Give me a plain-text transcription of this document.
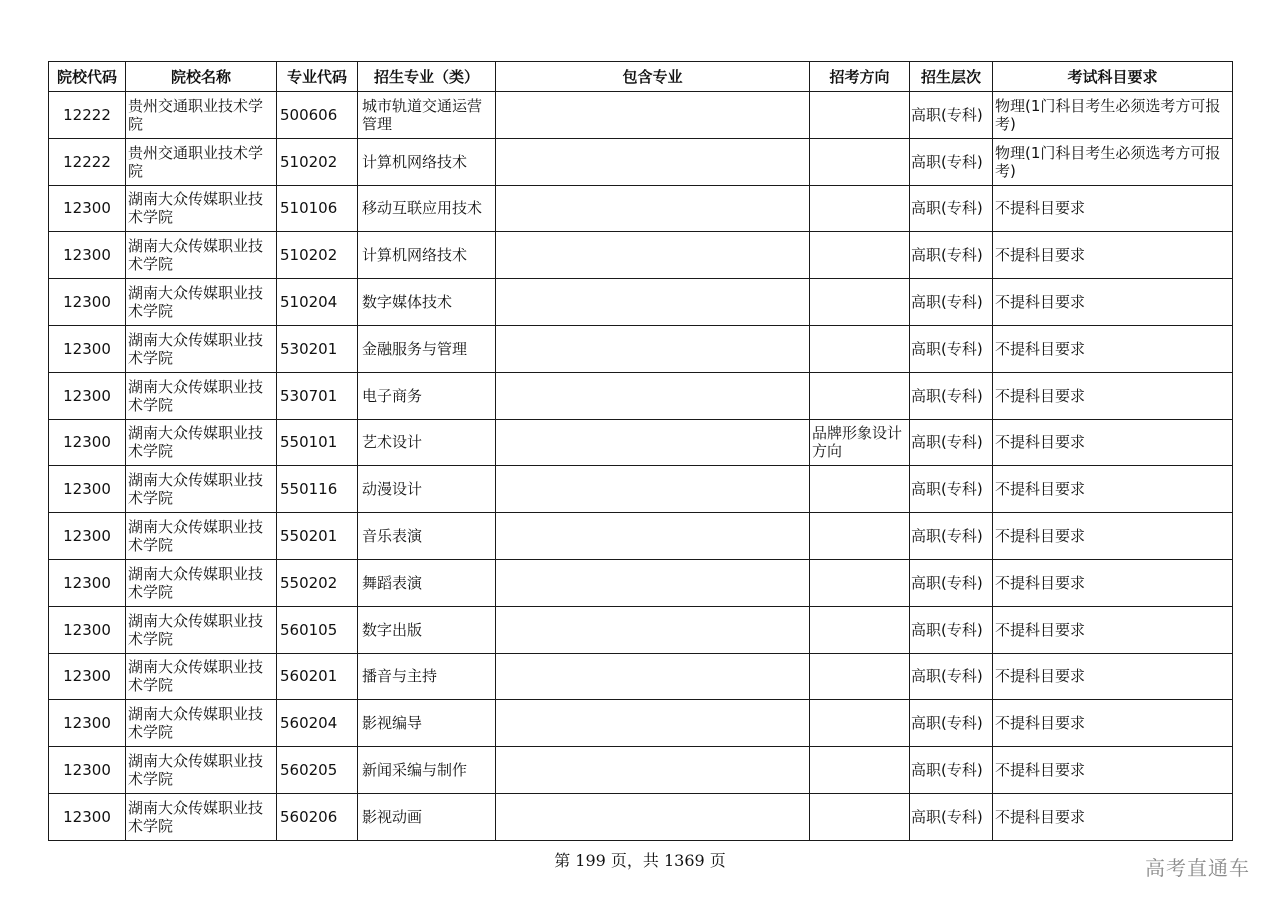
院校代码	院校名称	专业代码	招生专业（类）	包含专业	招考方向	招生层次	考试科目要求
12222	贵州交通职业技术学院	500606	城市轨道交通运营管理			高职(专科)	物理(1门科目考生必须选考方可报考)
12222	贵州交通职业技术学院	510202	计算机网络技术			高职(专科)	物理(1门科目考生必须选考方可报考)
12300	湖南大众传媒职业技术学院	510106	移动互联应用技术			高职(专科)	不提科目要求
12300	湖南大众传媒职业技术学院	510202	计算机网络技术			高职(专科)	不提科目要求
12300	湖南大众传媒职业技术学院	510204	数字媒体技术			高职(专科)	不提科目要求
12300	湖南大众传媒职业技术学院	530201	金融服务与管理			高职(专科)	不提科目要求
12300	湖南大众传媒职业技术学院	530701	电子商务			高职(专科)	不提科目要求
12300	湖南大众传媒职业技术学院	550101	艺术设计		品牌形象设计方向	高职(专科)	不提科目要求
12300	湖南大众传媒职业技术学院	550116	动漫设计			高职(专科)	不提科目要求
12300	湖南大众传媒职业技术学院	550201	音乐表演			高职(专科)	不提科目要求
12300	湖南大众传媒职业技术学院	550202	舞蹈表演			高职(专科)	不提科目要求
12300	湖南大众传媒职业技术学院	560105	数字出版			高职(专科)	不提科目要求
12300	湖南大众传媒职业技术学院	560201	播音与主持			高职(专科)	不提科目要求
12300	湖南大众传媒职业技术学院	560204	影视编导			高职(专科)	不提科目要求
12300	湖南大众传媒职业技术学院	560205	新闻采编与制作			高职(专科)	不提科目要求
12300	湖南大众传媒职业技术学院	560206	影视动画			高职(专科)	不提科目要求
第 199 页，共 1369 页	高考直通车
